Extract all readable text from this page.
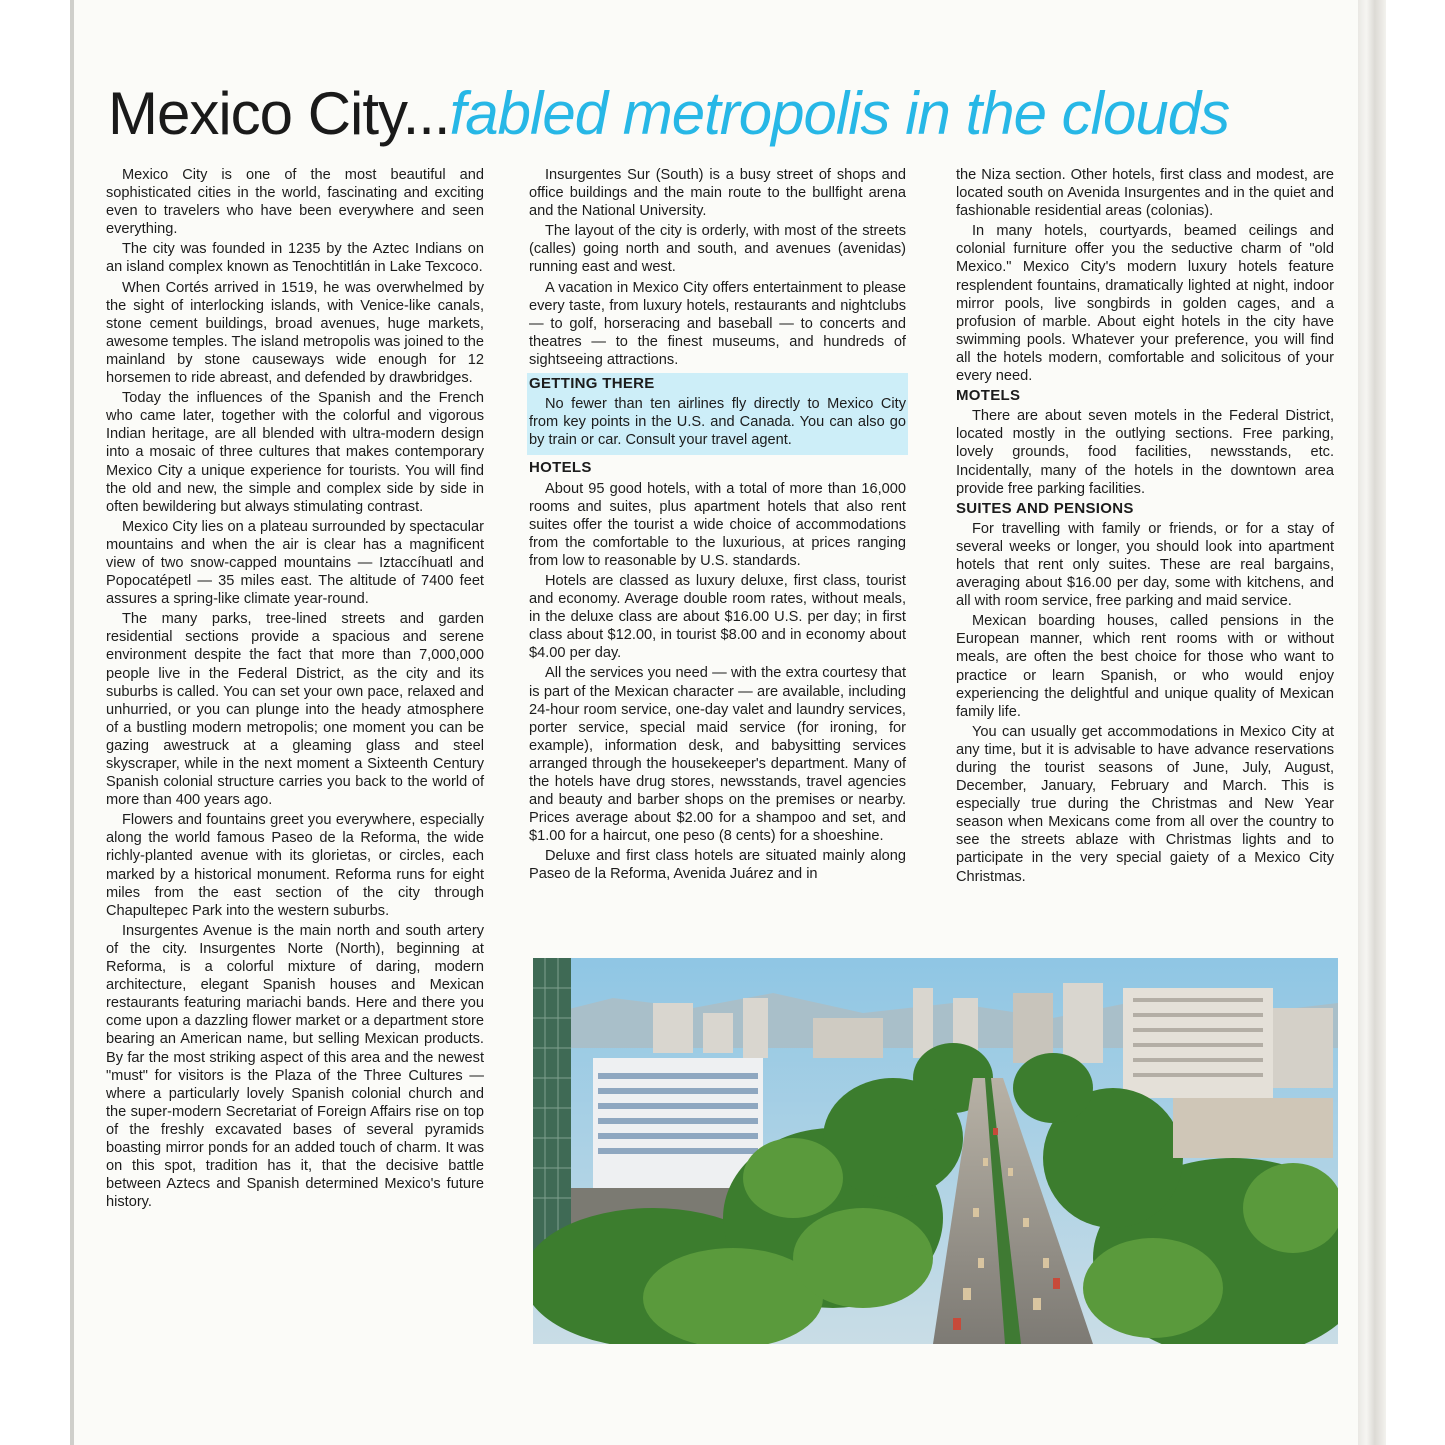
Mexico City...fabled metropolis in the clouds

Mexico City is one of the most beautiful and sophisticated cities in the world, fascinating and exciting even to travelers who have been everywhere and seen everything.

The city was founded in 1235 by the Aztec Indians on an island complex known as Tenochtitlán in Lake Texcoco.

When Cortés arrived in 1519, he was overwhelmed by the sight of interlocking islands, with Venice-like canals, stone cement buildings, broad avenues, huge markets, awesome temples. The island metropolis was joined to the mainland by stone causeways wide enough for 12 horsemen to ride abreast, and defended by drawbridges.

Today the influences of the Spanish and the French who came later, together with the colorful and vigorous Indian heritage, are all blended with ultra-modern design into a mosaic of three cultures that makes contemporary Mexico City a unique experience for tourists. You will find the old and new, the simple and complex side by side in often bewildering but always stimulating contrast.

Mexico City lies on a plateau surrounded by spectacular mountains and when the air is clear has a magnificent view of two snow-capped mountains — Iztaccíhuatl and Popocatépetl — 35 miles east. The altitude of 7400 feet assures a spring-like climate year-round.

The many parks, tree-lined streets and garden residential sections provide a spacious and serene environment despite the fact that more than 7,000,000 people live in the Federal District, as the city and its suburbs is called. You can set your own pace, relaxed and unhurried, or you can plunge into the heady atmosphere of a bustling modern metropolis; one moment you can be gazing awestruck at a gleaming glass and steel skyscraper, while in the next moment a Sixteenth Century Spanish colonial structure carries you back to the world of more than 400 years ago.

Flowers and fountains greet you everywhere, especially along the world famous Paseo de la Reforma, the wide richly-planted avenue with its glorietas, or circles, each marked by a historical monument. Reforma runs for eight miles from the east section of the city through Chapultepec Park into the western suburbs.

Insurgentes Avenue is the main north and south artery of the city. Insurgentes Norte (North), beginning at Reforma, is a colorful mixture of daring, modern architecture, elegant Spanish houses and Mexican restaurants featuring mariachi bands. Here and there you come upon a dazzling flower market or a department store bearing an American name, but selling Mexican products. By far the most striking aspect of this area and the newest "must" for visitors is the Plaza of the Three Cultures — where a particularly lovely Spanish colonial church and the super-modern Secretariat of Foreign Affairs rise on top of the freshly excavated bases of several pyramids boasting mirror ponds for an added touch of charm. It was on this spot, tradition has it, that the decisive battle between Aztecs and Spanish determined Mexico's future history.

Insurgentes Sur (South) is a busy street of shops and office buildings and the main route to the bullfight arena and the National University.

The layout of the city is orderly, with most of the streets (calles) going north and south, and avenues (avenidas) running east and west.

A vacation in Mexico City offers entertainment to please every taste, from luxury hotels, restaurants and nightclubs — to golf, horseracing and baseball — to concerts and theatres — to the finest museums, and hundreds of sightseeing attractions.

GETTING THERE

No fewer than ten airlines fly directly to Mexico City from key points in the U.S. and Canada. You can also go by train or car. Consult your travel agent.

HOTELS

About 95 good hotels, with a total of more than 16,000 rooms and suites, plus apartment hotels that also rent suites offer the tourist a wide choice of accommodations from the comfortable to the luxurious, at prices ranging from low to reasonable by U.S. standards.

Hotels are classed as luxury deluxe, first class, tourist and economy. Average double room rates, without meals, in the deluxe class are about $16.00 U.S. per day; in first class about $12.00, in tourist $8.00 and in economy about $4.00 per day.

All the services you need — with the extra courtesy that is part of the Mexican character — are available, including 24-hour room service, one-day valet and laundry services, porter service, special maid service (for ironing, for example), information desk, and babysitting services arranged through the housekeeper's department. Many of the hotels have drug stores, newsstands, travel agencies and beauty and barber shops on the premises or nearby. Prices average about $2.00 for a shampoo and set, and $1.00 for a haircut, one peso (8 cents) for a shoeshine.

Deluxe and first class hotels are situated mainly along Paseo de la Reforma, Avenida Juárez and in

the Niza section. Other hotels, first class and modest, are located south on Avenida Insurgentes and in the quiet and fashionable residential areas (colonias).

In many hotels, courtyards, beamed ceilings and colonial furniture offer you the seductive charm of "old Mexico." Mexico City's modern luxury hotels feature resplendent fountains, dramatically lighted at night, indoor mirror pools, live songbirds in golden cages, and a profusion of marble. About eight hotels in the city have swimming pools. Whatever your preference, you will find all the hotels modern, comfortable and solicitous of your every need.

MOTELS

There are about seven motels in the Federal District, located mostly in the outlying sections. Free parking, lovely grounds, food facilities, newsstands, etc. Incidentally, many of the hotels in the downtown area provide free parking facilities.

SUITES AND PENSIONS

For travelling with family or friends, or for a stay of several weeks or longer, you should look into apartment hotels that rent only suites. These are real bargains, averaging about $16.00 per day, some with kitchens, and all with room service, free parking and maid service.

Mexican boarding houses, called pensions in the European manner, which rent rooms with or without meals, are often the best choice for those who want to practice or learn Spanish, or who would enjoy experiencing the delightful and unique quality of Mexican family life.

You can usually get accommodations in Mexico City at any time, but it is advisable to have advance reservations during the tourist seasons of June, July, August, December, January, February and March. This is especially true during the Christmas and New Year season when Mexicans come from all over the country to see the streets ablaze with Christmas lights and to participate in the very special gaiety of a Mexico City Christmas.
